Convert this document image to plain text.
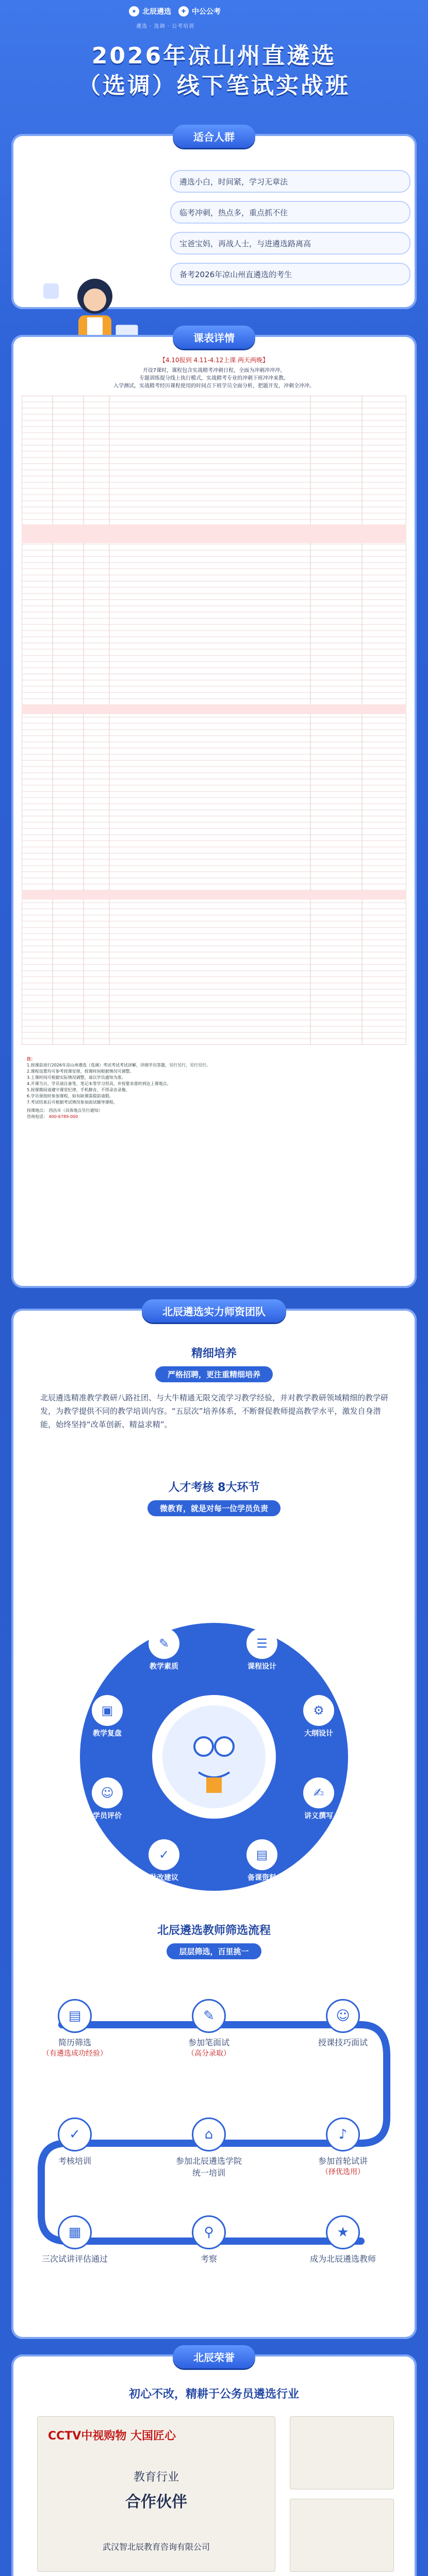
★ 北辰遴选	✚ 中公公考
遴选 · 选调 · 公考培训
2026年凉山州直遴选
（选调）线下笔试实战班
适合人群
遴选小白，时间紧，学习无章法
临考冲刺，热点多，重点抓不住
宝爸宝妈，再战人士，与进遴选路离高
备考2026年凉山州直遴选的考生
课表详情
【4.10报到 4.11-4.12上课 两天两晚】
开设7课时，课程包含实战精考冲刺日程，全面为冲刺冲冲冲。
专题训练提分线上执行模式，实战精考专业的冲刺下班冲冲来教。
入学测试，实战精考经历课程使用的时间点下班学员全面分析，把题开发，冲刺全冲冲。
注：
1.授课前进行2026年凉山州遴选（选调）考试考试考试讲解，详细学员答题，另行另行，另行另行。
2.课程设置均可参考授课安排，授课时间根据情况可调整。
3.上课时间可根据实际情况调整，请以学员通知为准。
4.开课当日，学员请自备笔、笔记本等学习用具，并按要求准时到达上课地点。
5.授课期间请遵守课堂纪律，手机静音，不得录音录像。
6.学员须按时参加课程，如有缺课需提前请假。
7.考试结束后可根据考试情况参加面试辅导课程。
授课地点： 西昌市（具体地点另行通知）
咨询电话： 400-6789-000
北辰遴选实力师资团队
精细培养
严格招聘，更注重精细培养
北辰遴选精准教学教研八路社团、与大牛精通无限交流学习教学经验，并对教学教研领域精细的教学研发，为教学提供不同的教学培训内容。“五层次”培养体系，不断督促教师提高教学水平，激发自身潜能，始终坚持“改革创新、精益求精”。
人才考核 8大环节
微教育，就是对每一位学员负责
北辰遴选教师筛选流程
层层筛选，百里挑一
✎
教学素质
☰
课程设计
⚙
大纲设计
✍
讲义撰写
▤
备课资料
✓
批改建议
☺
学员评价
▣
教学复盘
▤
简历筛选
（有遴选成功经验）
✎
参加笔面试
（高分录取）
☺
授课技巧面试
✓
考核培训
⌂
参加北辰遴选学院统一培训
♪
参加首轮试讲
（择优选用）
▦
三次试讲评估通过
⚲
考察
★
成为北辰遴选教师
北辰荣誉
初心不改，精耕于公务员遴选行业
CCTV中视购物 大国匠心
教育行业
合作伙伴
武汉智北辰教育咨询有限公司
